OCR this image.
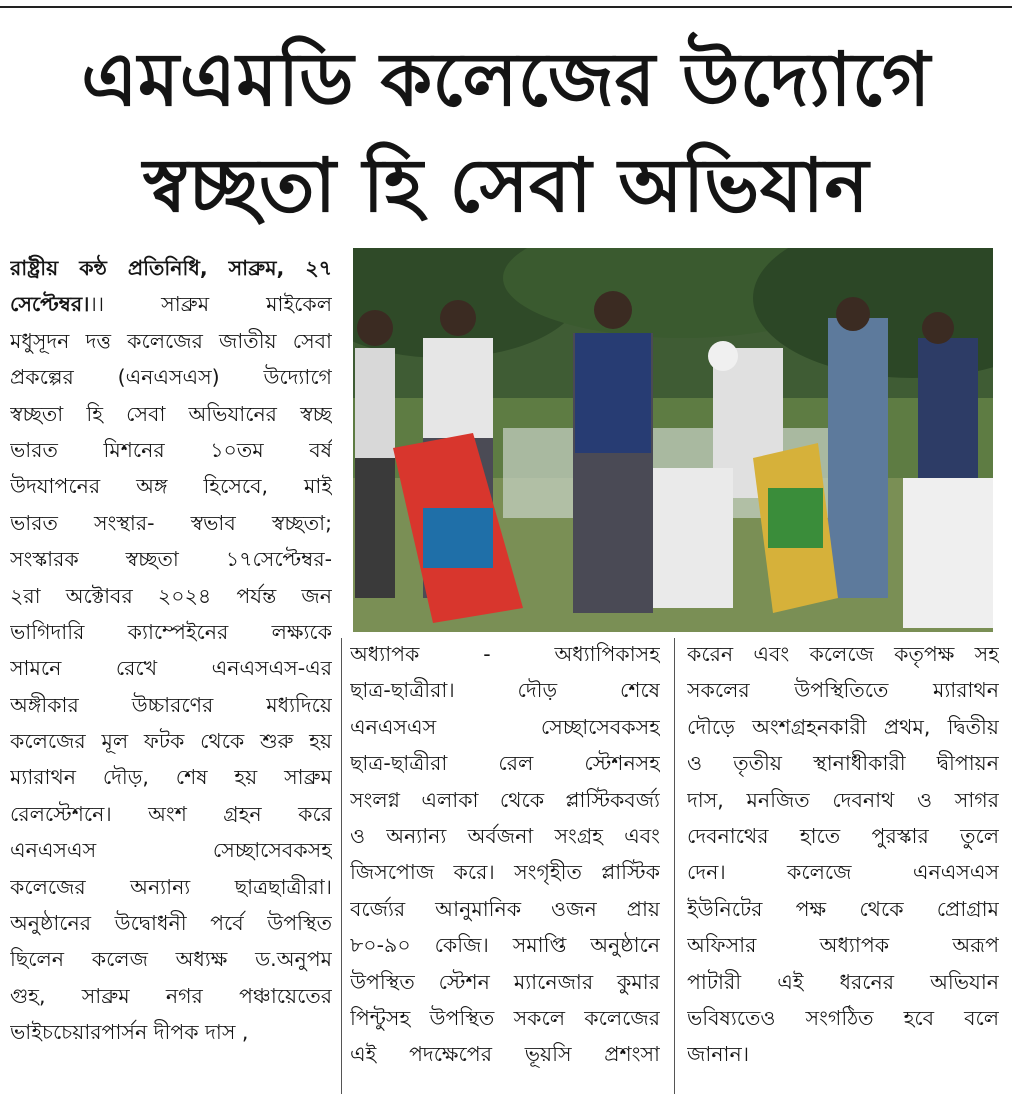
এমএমডি কলেজের উদ্যোগে
স্বচ্ছতা হি সেবা অভিযান

রাষ্ট্রীয় কন্ঠ প্রতিনিধি, সাব্রুম, ২৭

সেপ্টেম্বর।।। সাব্রুম মাইকেল

মধুসূদন দত্ত কলেজের জাতীয় সেবা

প্রকল্পের (এনএসএস) উদ্যোগে

স্বচ্ছতা হি সেবা অভিযানের স্বচ্ছ

ভারত মিশনের ১০তম বর্ষ

উদযাপনের অঙ্গ হিসেবে, মাই

ভারত সংস্থার- স্বভাব স্বচ্ছতা;

সংস্কারক স্বচ্ছতা ১৭সেপ্টেম্বর-

২রা অক্টোবর ২০২৪ পর্যন্ত জন

ভাগিদারি ক্যাম্পেইনের লক্ষ্যকে

সামনে রেখে এনএসএস-এর

অঙ্গীকার উচ্চারণের মধ্যদিয়ে

কলেজের মূল ফটক থেকে শুরু হয়

ম্যারাথন দৌড়, শেষ হয় সাব্রুম

রেলস্টেশনে। অংশ গ্রহন করে

এনএসএস সেচ্ছাসেবকসহ

কলেজের অন্যান্য ছাত্রছাত্রীরা।

অনুষ্ঠানের উদ্বোধনী পর্বে উপস্থিত

ছিলেন কলেজ অধ্যক্ষ ড.অনুপম

গুহ, সাব্রুম নগর পঞ্চায়েতের

ভাইচচেয়ারপার্সন দীপক দাস ,

অধ্যাপক - অধ্যাপিকাসহ

ছাত্র-ছাত্রীরা। দৌড় শেষে

এনএসএস সেচ্ছাসেবকসহ

ছাত্র-ছাত্রীরা রেল স্টেশনসহ

সংলগ্ন এলাকা থেকে প্লাস্টিকবর্জ্য

ও অন্যান্য অর্বজনা সংগ্রহ এবং

জিসপোজ করে। সংগৃহীত প্লাস্টিক

বর্জ্যের আনুমানিক ওজন প্রায়

৮০-৯০ কেজি। সমাপ্তি অনুষ্ঠানে

উপস্থিত স্টেশন ম্যানেজার কুমার

পিন্টুসহ উপস্থিত সকলে কলেজের

এই পদক্ষেপের ভূয়সি প্রশংসা

করেন এবং কলেজে কতৃপক্ষ সহ

সকলের উপস্থিতিতে ম্যারাথন

দৌড়ে অংশগ্রহনকারী প্রথম, দ্বিতীয়

ও তৃতীয় স্থানাধীকারী দ্বীপায়ন

দাস, মনজিত দেবনাথ ও সাগর

দেবনাথের হাতে পুরস্কার তুলে

দেন। কলেজে এনএসএস

ইউনিটের পক্ষ থেকে প্রোগ্রাম

অফিসার অধ্যাপক অরূপ

পাটারী এই ধরনের অভিযান

ভবিষ্যতেও সংগঠিত হবে বলে

জানান।
